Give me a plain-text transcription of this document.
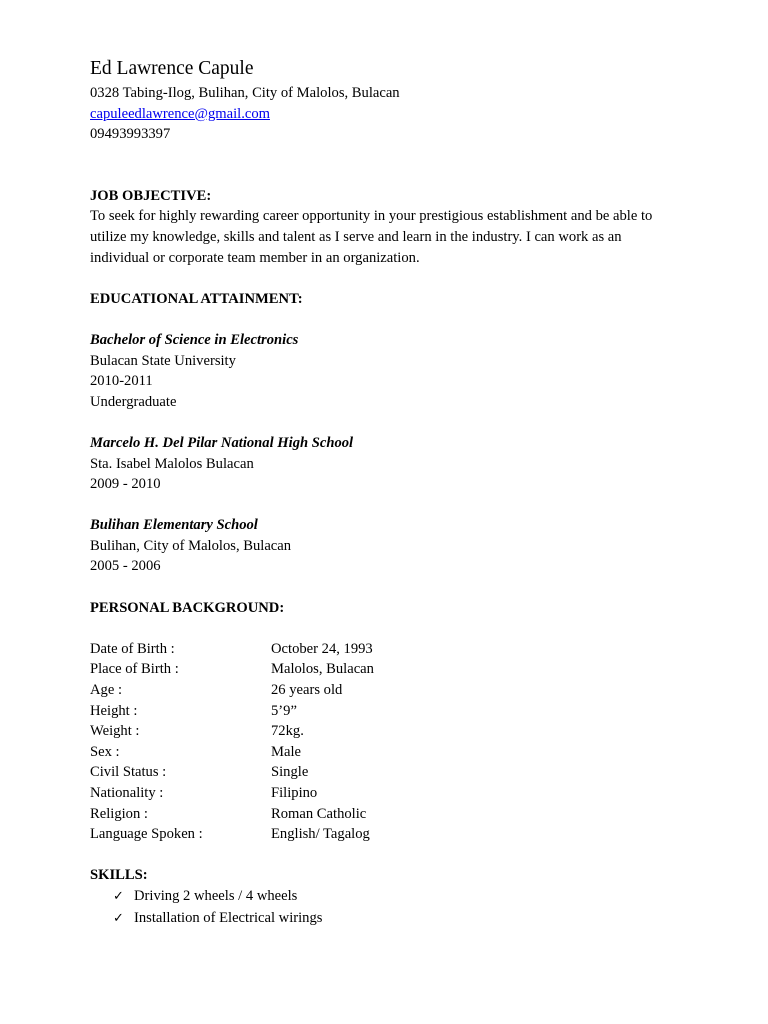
Ed Lawrence Capule
0328 Tabing-Ilog, Bulihan, City of Malolos, Bulacan
capuleedlawrence@gmail.com
09493993397
JOB OBJECTIVE:
To seek for highly rewarding career opportunity in your prestigious establishment and be able to
utilize my knowledge, skills and talent as I serve and learn in the industry. I can work as an
individual or corporate team member in an organization.
EDUCATIONAL ATTAINMENT:
Bachelor of Science in Electronics
Bulacan State University
2010-2011
Undergraduate
Marcelo H. Del Pilar National High School
Sta. Isabel Malolos Bulacan
2009 - 2010
Bulihan Elementary School
Bulihan, City of Malolos, Bulacan
2005 - 2006
PERSONAL BACKGROUND:
Date of Birth :	October 24, 1993
Place of Birth :	Malolos, Bulacan
Age :	26 years old
Height :	5’9”
Weight :	72kg.
Sex :	Male
Civil Status :	Single
Nationality :	Filipino
Religion :	Roman Catholic
Language Spoken :	English/ Tagalog
SKILLS:
✓ Driving 2 wheels / 4 wheels
✓ Installation of Electrical wirings
